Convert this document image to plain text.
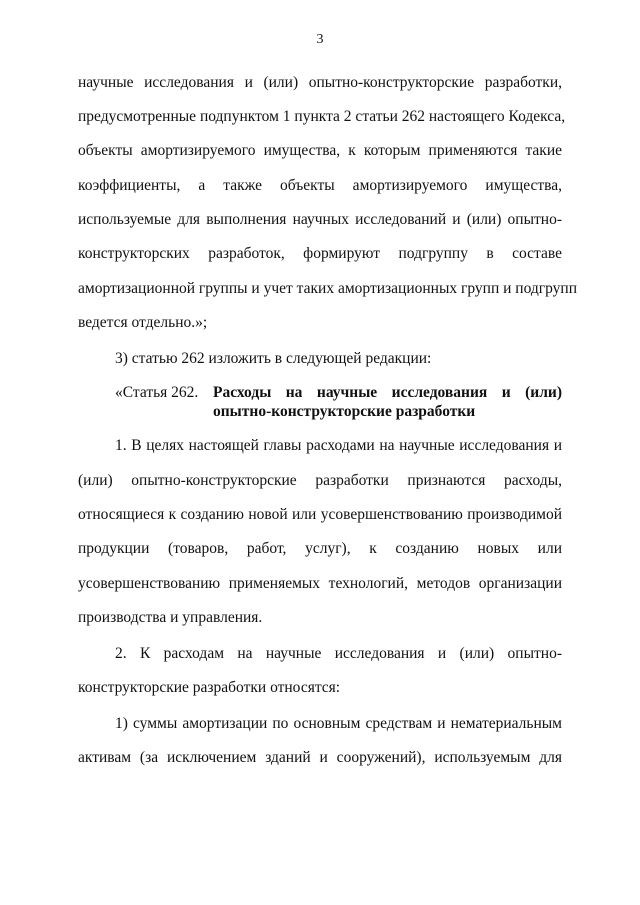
3
научные исследования и (или) опытно-конструкторские разработки,
предусмотренные подпунктом 1 пункта 2 статьи 262 настоящего Кодекса,
объекты амортизируемого имущества, к которым применяются такие
коэффициенты, а также объекты амортизируемого имущества,
используемые для выполнения научных исследований и (или) опытно-
конструкторских разработок, формируют подгруппу в составе
амортизационной группы и учет таких амортизационных групп и подгрупп
ведется отдельно.»;
3) статью 262 изложить в следующей редакции:
«Статья 262. Расходы на научные исследования и (или)
опытно-конструкторские разработки
1. В целях настоящей главы расходами на научные исследования и
(или) опытно-конструкторские разработки признаются расходы,
относящиеся к созданию новой или усовершенствованию производимой
продукции (товаров, работ, услуг), к созданию новых или
усовершенствованию применяемых технологий, методов организации
производства и управления.
2. К расходам на научные исследования и (или) опытно-
конструкторские разработки относятся:
1) суммы амортизации по основным средствам и нематериальным
активам (за исключением зданий и сооружений), используемым для
